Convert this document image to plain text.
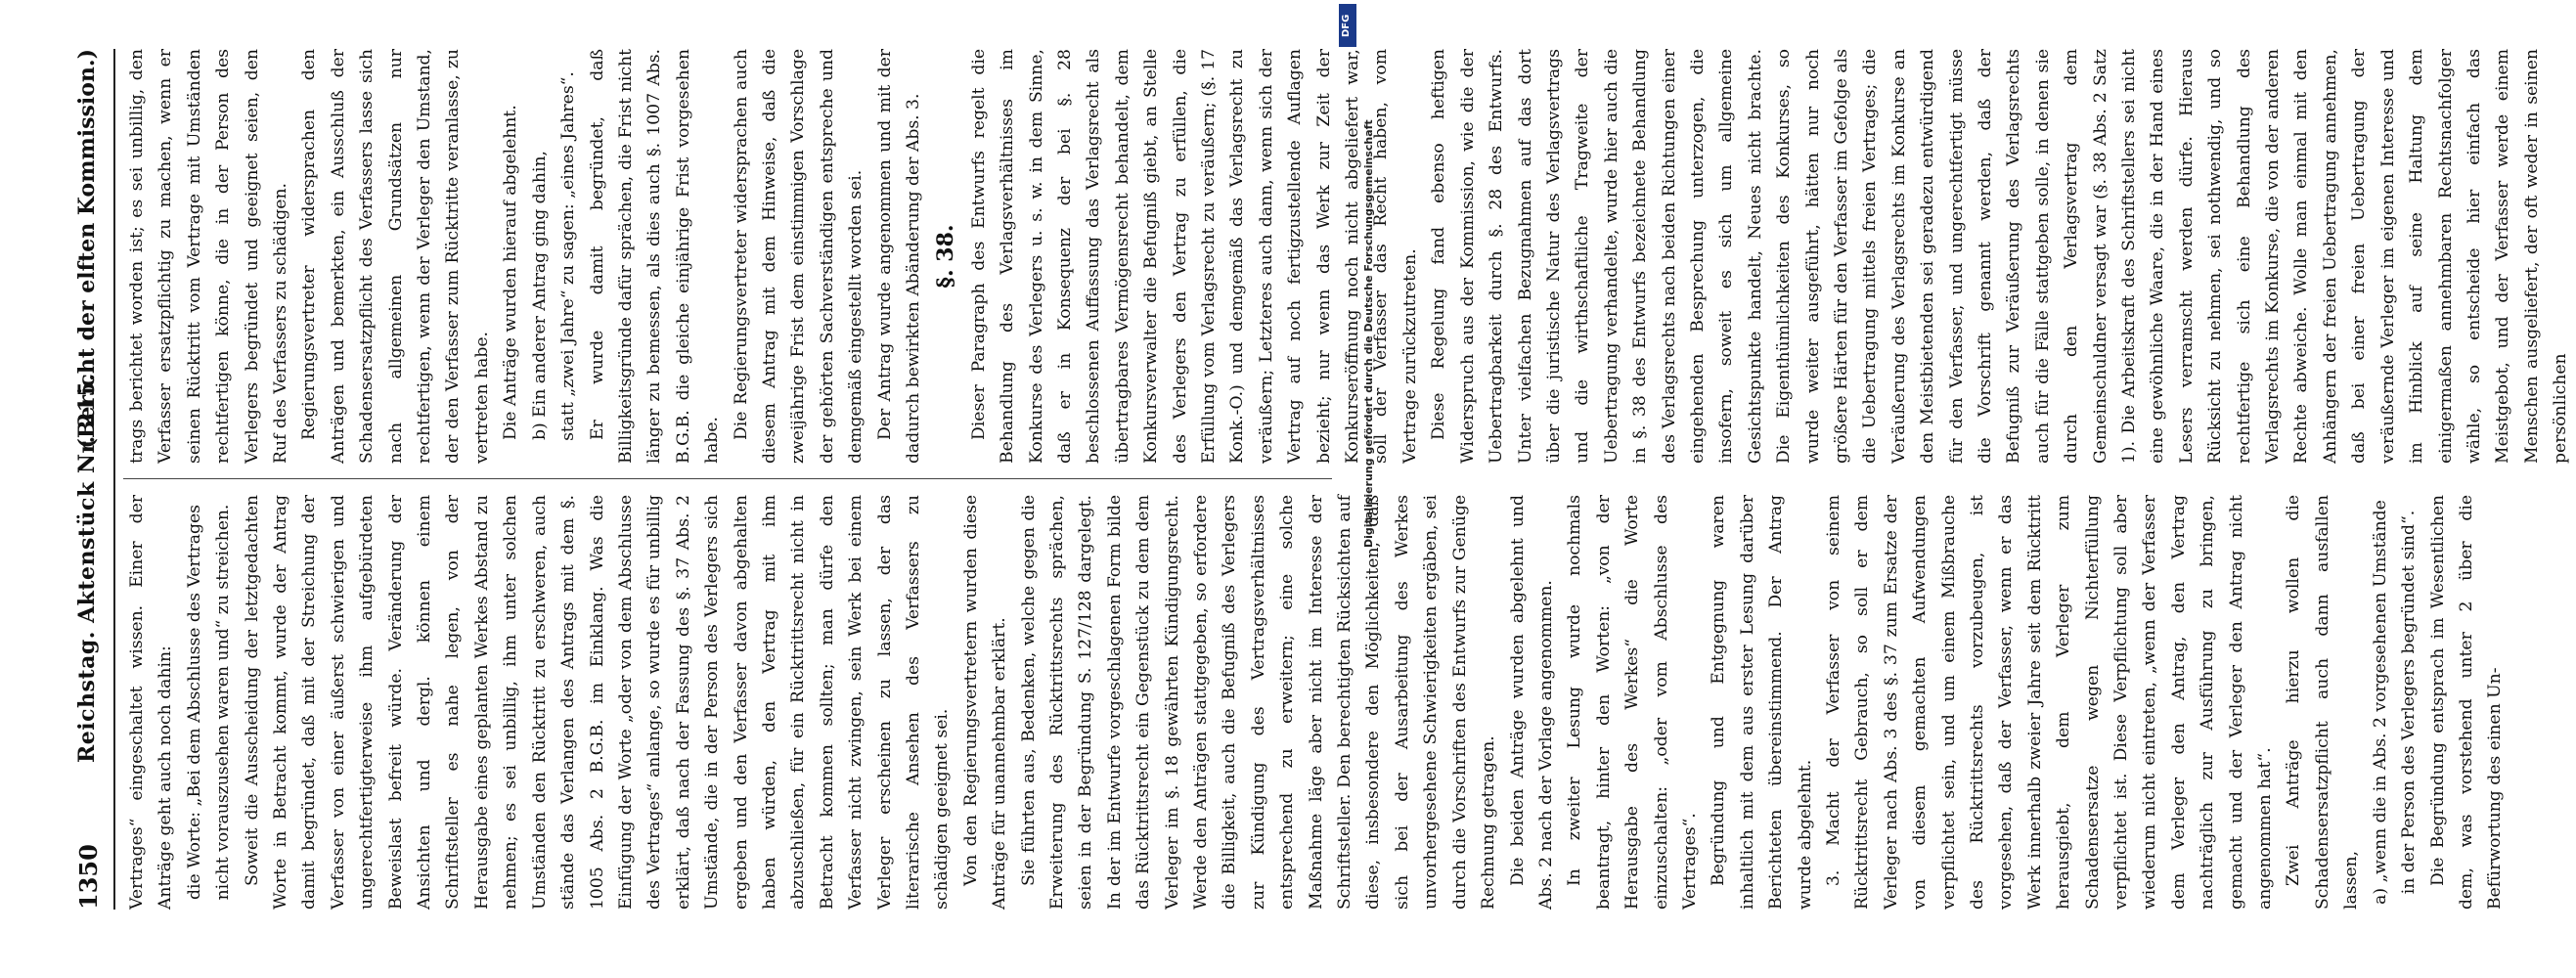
1350
Reichstag. Aktenstück Nr. 215.
(Bericht der elften Kommission.)

Vertrages“ eingeschaltet wissen. Einer der Anträge geht auch noch dahin: die Worte: „Bei dem Abschlusse des Vertrages nicht vorauszusehen waren und“ zu streichen. Soweit die Ausscheidung der letztgedachten Worte in Betracht kommt, wurde der Antrag damit begründet, daß mit der Streichung der Verfasser von einer äußerst schwierigen und ungerechtfertigterweise ihm aufgebürdeten Beweislast befreit würde. Veränderung der Ansichten und dergl. können einem Schriftsteller es nahe legen, von der Herausgabe eines geplanten Werkes Abstand zu nehmen; es sei unbillig, ihm unter solchen Umständen den Rücktritt zu erschweren, auch stände das Verlangen des Antrags mit dem §. 1005 Abs. 2 B.G.B. im Einklang. Was die Einfügung der Worte „oder von dem Abschlusse des Vertrages“ anlange, so wurde es für unbillig erklärt, daß nach der Fassung des §. 37 Abs. 2 Umstände, die in der Person des Verlegers sich ergeben und den Verfasser davon abgehalten haben würden, den Vertrag mit ihm abzuschließen, für ein Rücktrittsrecht nicht in Betracht kommen sollten; man dürfe den Verfasser nicht zwingen, sein Werk bei einem Verleger erscheinen zu lassen, der das literarische Ansehen des Verfassers zu schädigen geeignet sei. Von den Regierungsvertretern wurden diese Anträge für unannehmbar erklärt. Sie führten aus, Bedenken, welche gegen die Erweiterung des Rücktrittsrechts sprächen, seien in der Begründung S. 127/128 dargelegt. In der im Entwurfe vorgeschlagenen Form bilde das Rücktrittsrecht ein Gegenstück zu dem dem Verleger im §. 18 gewährten Kündigungsrecht. Werde den Anträgen stattgegeben, so erfordere die Billigkeit, auch die Befugniß des Verlegers zur Kündigung des Vertragsverhältnisses entsprechend zu erweitern; eine solche Maßnahme läge aber nicht im Interesse der Schriftsteller. Den berechtigten Rücksichten auf diese, insbesondere den Möglichkeiten, daß sich bei der Ausarbeitung des Werkes unvorhergesehene Schwierigkeiten ergäben, sei durch die Vorschriften des Entwurfs zur Genüge Rechnung getragen. Die beiden Anträge wurden abgelehnt und Abs. 2 nach der Vorlage angenommen. In zweiter Lesung wurde nochmals beantragt, hinter den Worten: „von der Herausgabe des Werkes“ die Worte einzuschalten: „oder vom Abschlusse des Vertrages“. Begründung und Entgegnung waren inhaltlich mit dem aus erster Lesung darüber Berichteten übereinstimmend. Der Antrag wurde abgelehnt. 3. Macht der Verfasser von seinem Rücktrittsrecht Gebrauch, so soll er dem Verleger nach Abs. 3 des §. 37 zum Ersatze der von diesem gemachten Aufwendungen verpflichtet sein, und um einem Mißbrauche des Rücktrittsrechts vorzubeugen, ist vorgesehen, daß der Verfasser, wenn er das Werk innerhalb zweier Jahre seit dem Rücktritt herausgiebt, dem Verleger zum Schadensersatze wegen Nichterfüllung verpflichtet ist. Diese Verpflichtung soll aber wiederum nicht eintreten, „wenn der Verfasser dem Verleger den Antrag, den Vertrag nachträglich zur Ausführung zu bringen, gemacht und der Verleger den Antrag nicht angenommen hat“. Zwei Anträge hierzu wollen die Schadensersatzpflicht auch dann ausfallen lassen, a) „wenn die in Abs. 2 vorgesehenen Umstände in der Person des Verlegers begründet sind“. Die Begründung entsprach im Wesentlichen dem, was vorstehend unter 2 über die Befürwortung des einen Un-

trags berichtet worden ist; es sei unbillig, den Verfasser ersatzpflichtig zu machen, wenn er seinen Rücktritt vom Vertrage mit Umständen rechtfertigen könne, die in der Person des Verlegers begründet und geeignet seien, den Ruf des Verfassers zu schädigen. Regierungsvertreter widersprachen den Anträgen und bemerkten, ein Ausschluß der Schadensersatzpflicht des Verfassers lasse sich nach allgemeinen Grundsätzen nur rechtfertigen, wenn der Verleger den Umstand, der den Verfasser zum Rücktritte veranlasse, zu vertreten habe. Die Anträge wurden hierauf abgelehnt. b) Ein anderer Antrag ging dahin, statt „zwei Jahre“ zu sagen: „eines Jahres“. Er wurde damit begründet, daß Billigkeitsgründe dafür sprächen, die Frist nicht länger zu bemessen, als dies auch §. 1007 Abs. B.G.B. die gleiche einjährige Frist vorgesehen habe.

Die Regierungsvertreter widersprachen auch diesem Antrag mit dem Hinweise, daß die zweijährige Frist dem einstimmigen Vorschlage der gehörten Sachverständigen entspreche und demgemäß eingestellt worden sei. Der Antrag wurde angenommen und mit der dadurch bewirkten Abänderung der Abs. 3. §. 38. Dieser Paragraph des Entwurfs regelt die Behandlung des Verlagsverhältnisses im Konkurse des Verlegers u. s. w. in dem Sinne, daß er in Konsequenz der bei §. 28 beschlossenen Auffassung das Verlagsrecht als übertragbares Vermögensrecht behandelt, dem Konkursverwalter die Befugniß giebt, an Stelle des Verlegers den Vertrag zu erfüllen, die Erfüllung vom Verlagsrecht zu veräußern; (§. 17 Konk.-O.) und demgemäß das Verlagsrecht zu veräußern; Letzteres auch dann, wenn sich der Vertrag auf noch fertigzustellende Auflagen bezieht; nur wenn das Werk zur Zeit der Konkurseröffnung noch nicht abgeliefert war, soll der Verfasser das Recht haben, vom Vertrage zurückzutreten. Diese Regelung fand ebenso heftigen Widerspruch aus der Kommission, wie die der Uebertragbarkeit durch §. 28 des Entwurfs. Unter vielfachen Bezugnahmen auf das dort über die juristische Natur des Verlagsvertrags und die wirthschaftliche Tragweite der Uebertragung verhandelte, wurde hier auch die in §. 38 des Entwurfs bezeichnete Behandlung des Verlagsrechts nach beiden Richtungen einer eingehenden Besprechung unterzogen, die insofern, soweit es sich um allgemeine Gesichtspunkte handelt, Neues nicht brachte. Die Eigenthümlichkeiten des Konkurses, so wurde weiter ausgeführt, hätten nur noch größere Härten für den Verfasser im Gefolge als die Uebertragung mittels freien Vertrages; die Veräußerung des Verlagsrechts im Konkurse an den Meistbietenden sei geradezu entwürdigend für den Verfasser, und ungerechtfertigt müsse die Vorschrift genannt werden, daß der Befugniß zur Veräußerung des Verlagsrechts auch für die Fälle stattgeben solle, in denen sie durch den Verlagsvertrag dem Gemeinschuldner versagt war (§. 38 Abs. 2 Satz 1). Die Arbeitskraft des Schriftstellers sei nicht eine gewöhnliche Waare, die in der Hand eines Lesers verramscht werden dürfe. Hieraus Rücksicht zu nehmen, sei nothwendig, und so rechtfertige sich eine Behandlung des Verlagsrechts im Konkurse, die von der anderen Rechte abweiche. Wolle man einmal mit den Anhängern der freien Uebertragung annehmen, daß bei einer freien Uebertragung der veräußernde Verleger im eigenen Interesse und im Hinblick auf seine Haltung dem einigermaßen annehmbaren Rechtsnachfolger wähle, so entscheide hier einfach das Meistgebot, und der Verfasser werde einem Menschen ausgeliefert, der oft weder in seinen persönlichen

DFG
Digitalisierung gefördert durch die Deutsche Forschungsgemeinschaft
